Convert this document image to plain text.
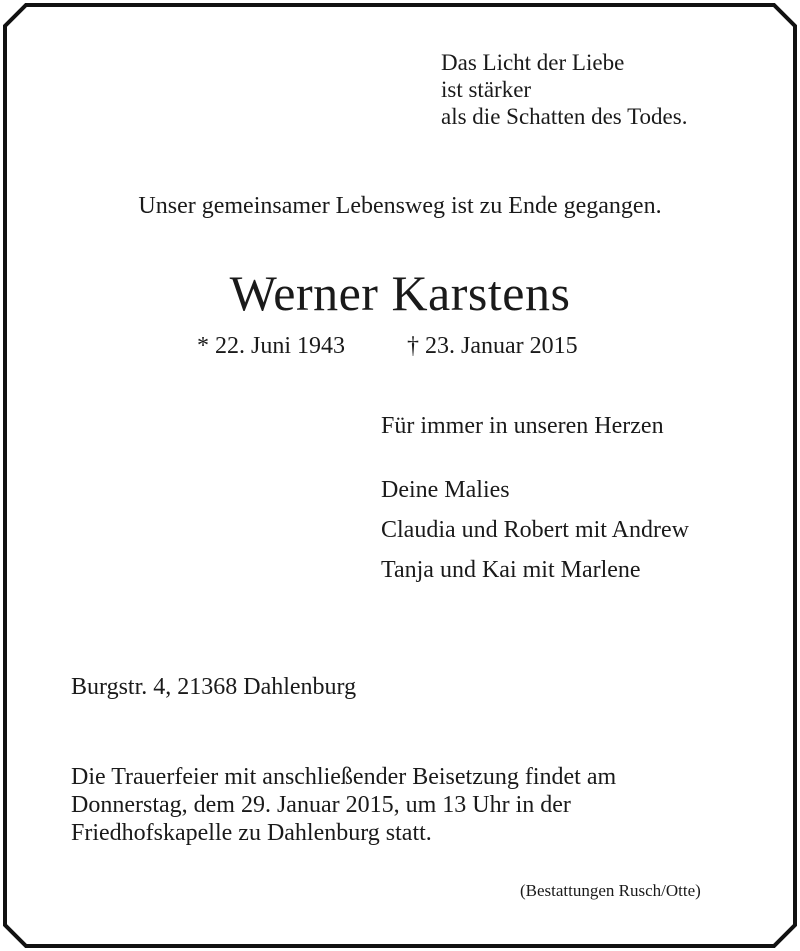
Das Licht der Liebe
ist stärker
als die Schatten des Todes.
Unser gemeinsamer Lebensweg ist zu Ende gegangen.
Werner Karstens
* 22. Juni 1943	† 23. Januar 2015
Für immer in unseren Herzen
Deine Malies
Claudia und Robert mit Andrew
Tanja und Kai mit Marlene
Burgstr. 4, 21368 Dahlenburg
Die Trauerfeier mit anschließender Beisetzung findet am
Donnerstag, dem 29. Januar 2015, um 13 Uhr in der
Friedhofskapelle zu Dahlenburg statt.
(Bestattungen Rusch/Otte)
